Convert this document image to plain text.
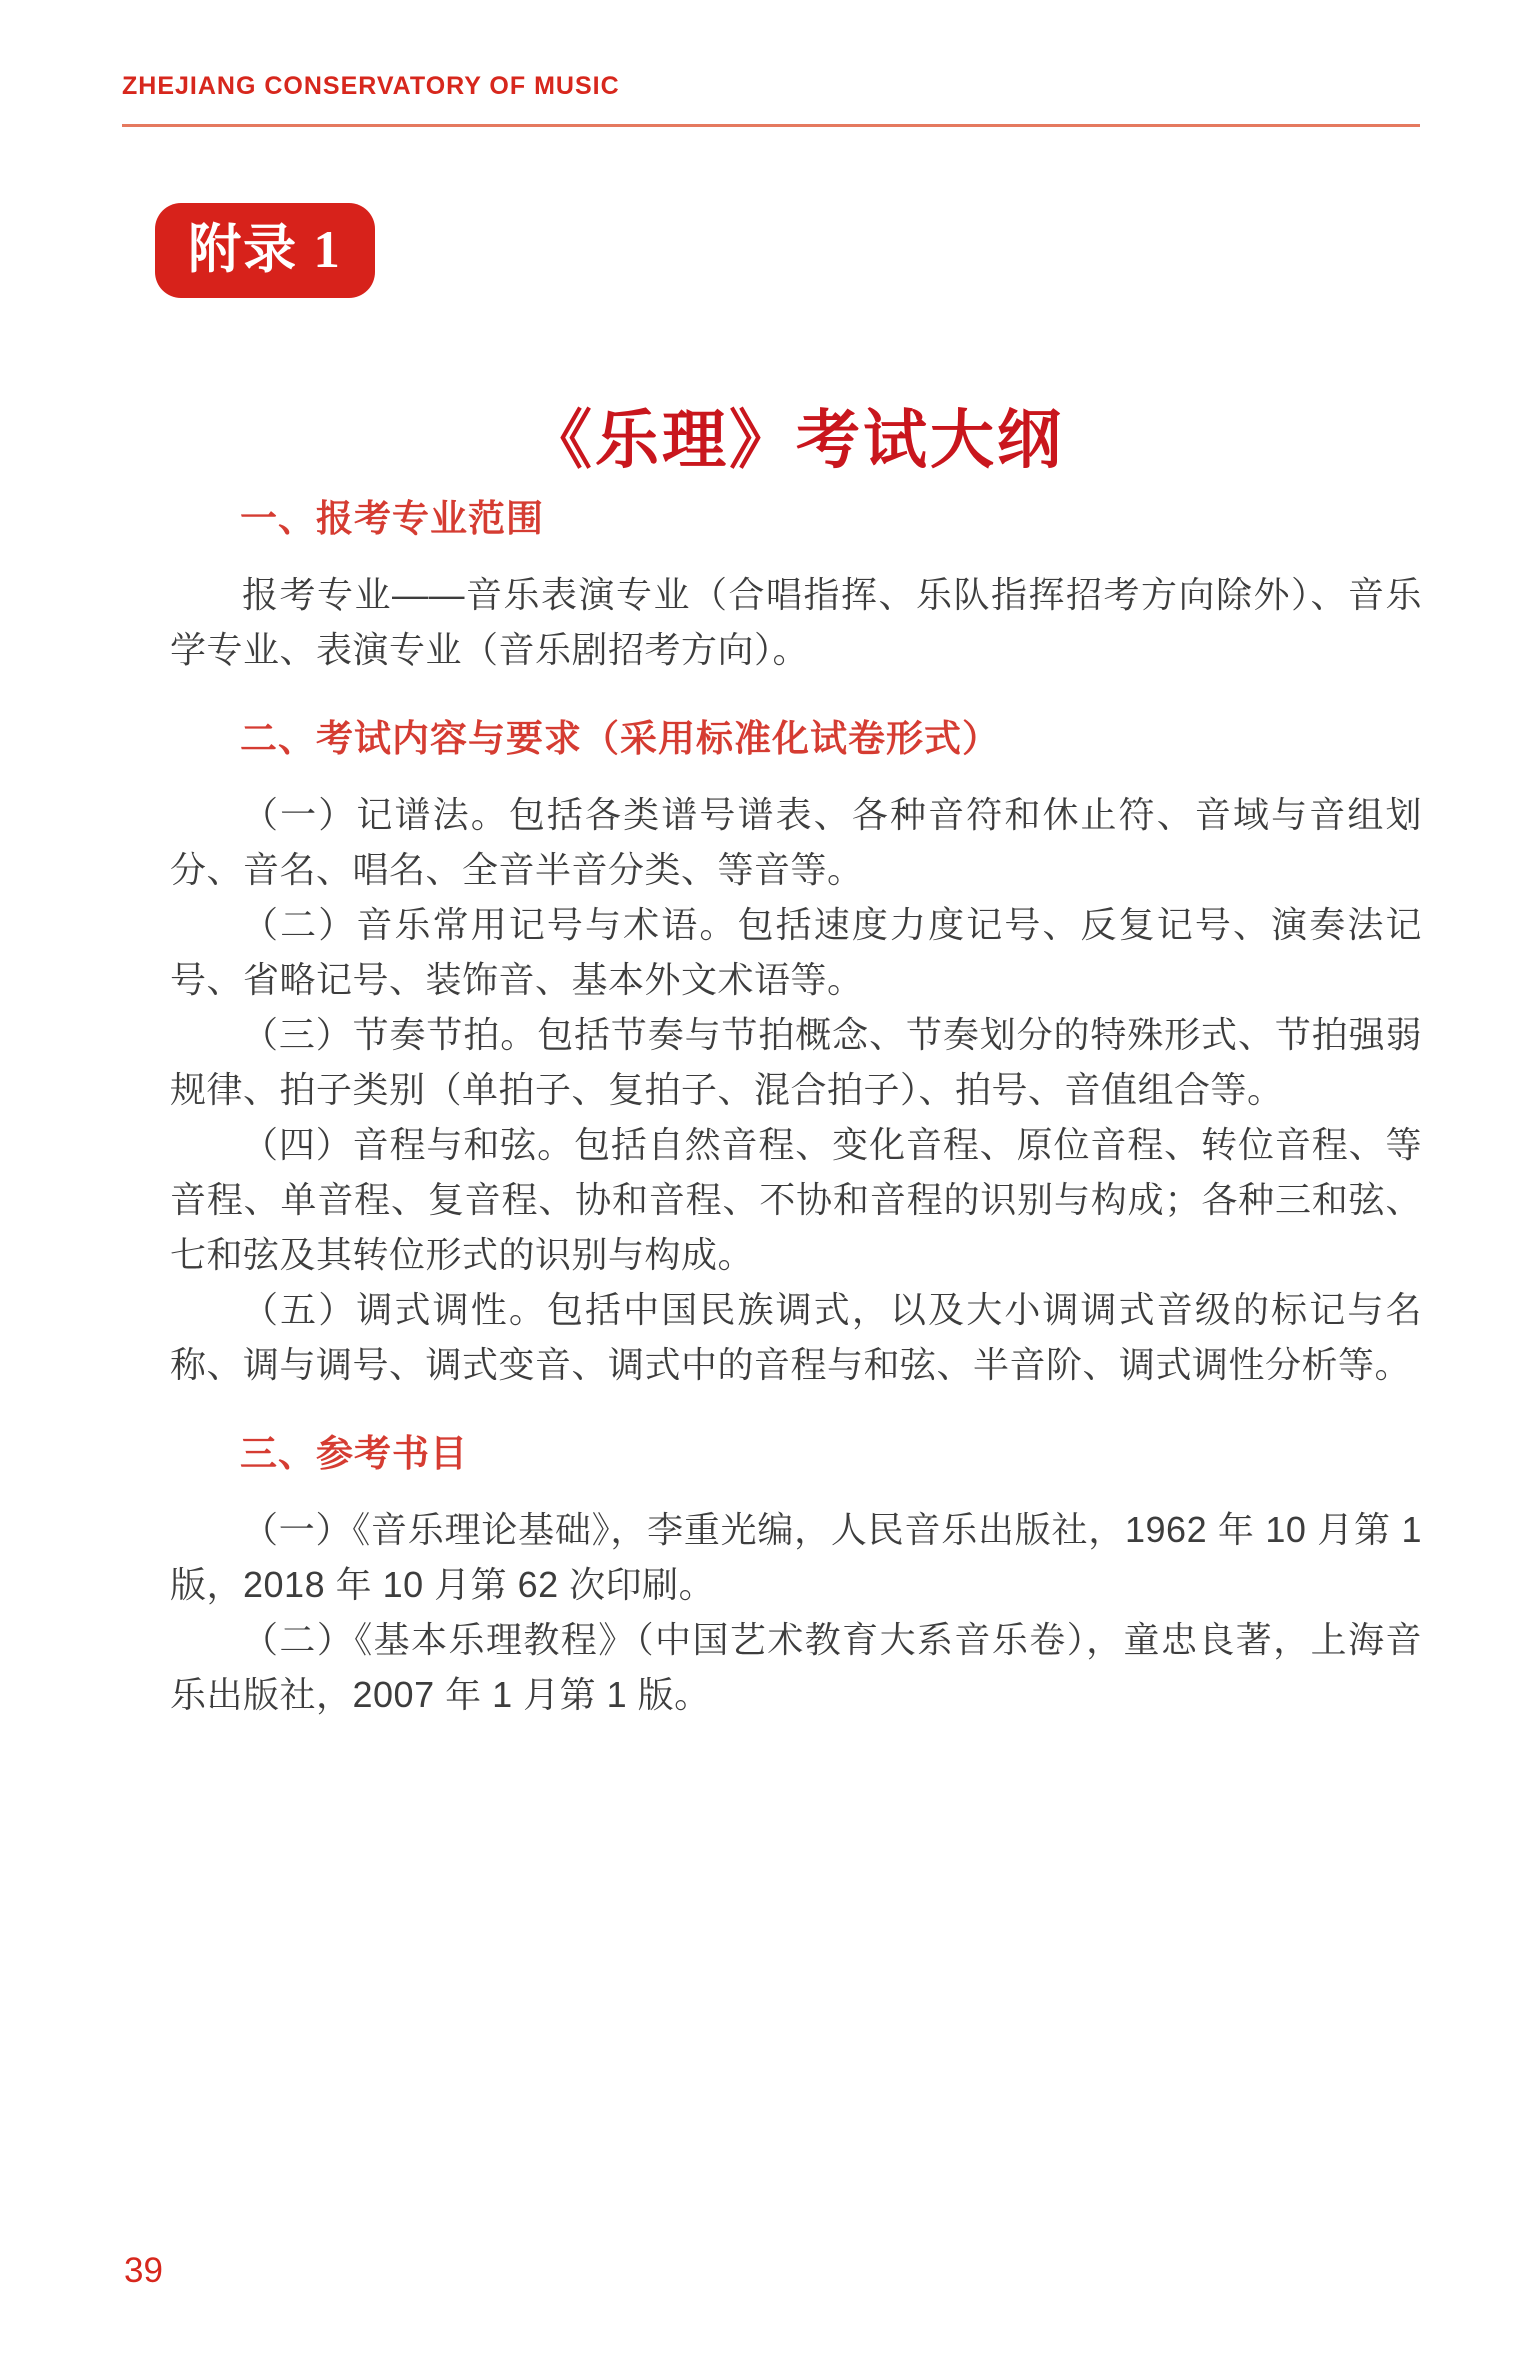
ZHEJIANG CONSERVATORY OF MUSIC
附录 1
《乐理》考试大纲
一、报考专业范围

报考专业——音乐表演专业（合唱指挥、乐队指挥招考方向除外）、音乐学专业、表演专业（音乐剧招考方向）。

二、考试内容与要求（采用标准化试卷形式）

（一）记谱法。包括各类谱号谱表、各种音符和休止符、音域与音组划分、音名、唱名、全音半音分类、等音等。

（二）音乐常用记号与术语。包括速度力度记号、反复记号、演奏法记号、省略记号、装饰音、基本外文术语等。

（三）节奏节拍。包括节奏与节拍概念、节奏划分的特殊形式、节拍强弱规律、拍子类别（单拍子、复拍子、混合拍子）、拍号、音值组合等。

（四）音程与和弦。包括自然音程、变化音程、原位音程、转位音程、等音程、单音程、复音程、协和音程、不协和音程的识别与构成；各种三和弦、七和弦及其转位形式的识别与构成。

（五）调式调性。包括中国民族调式，以及大小调调式音级的标记与名称、调与调号、调式变音、调式中的音程与和弦、半音阶、调式调性分析等。

三、参考书目

（一）《音乐理论基础》，李重光编，人民音乐出版社，1962 年 10 月第 1 版，2018 年 10 月第 62 次印刷。

（二）《基本乐理教程》（中国艺术教育大系音乐卷），童忠良著，上海音乐出版社，2007 年 1 月第 1 版。

39
